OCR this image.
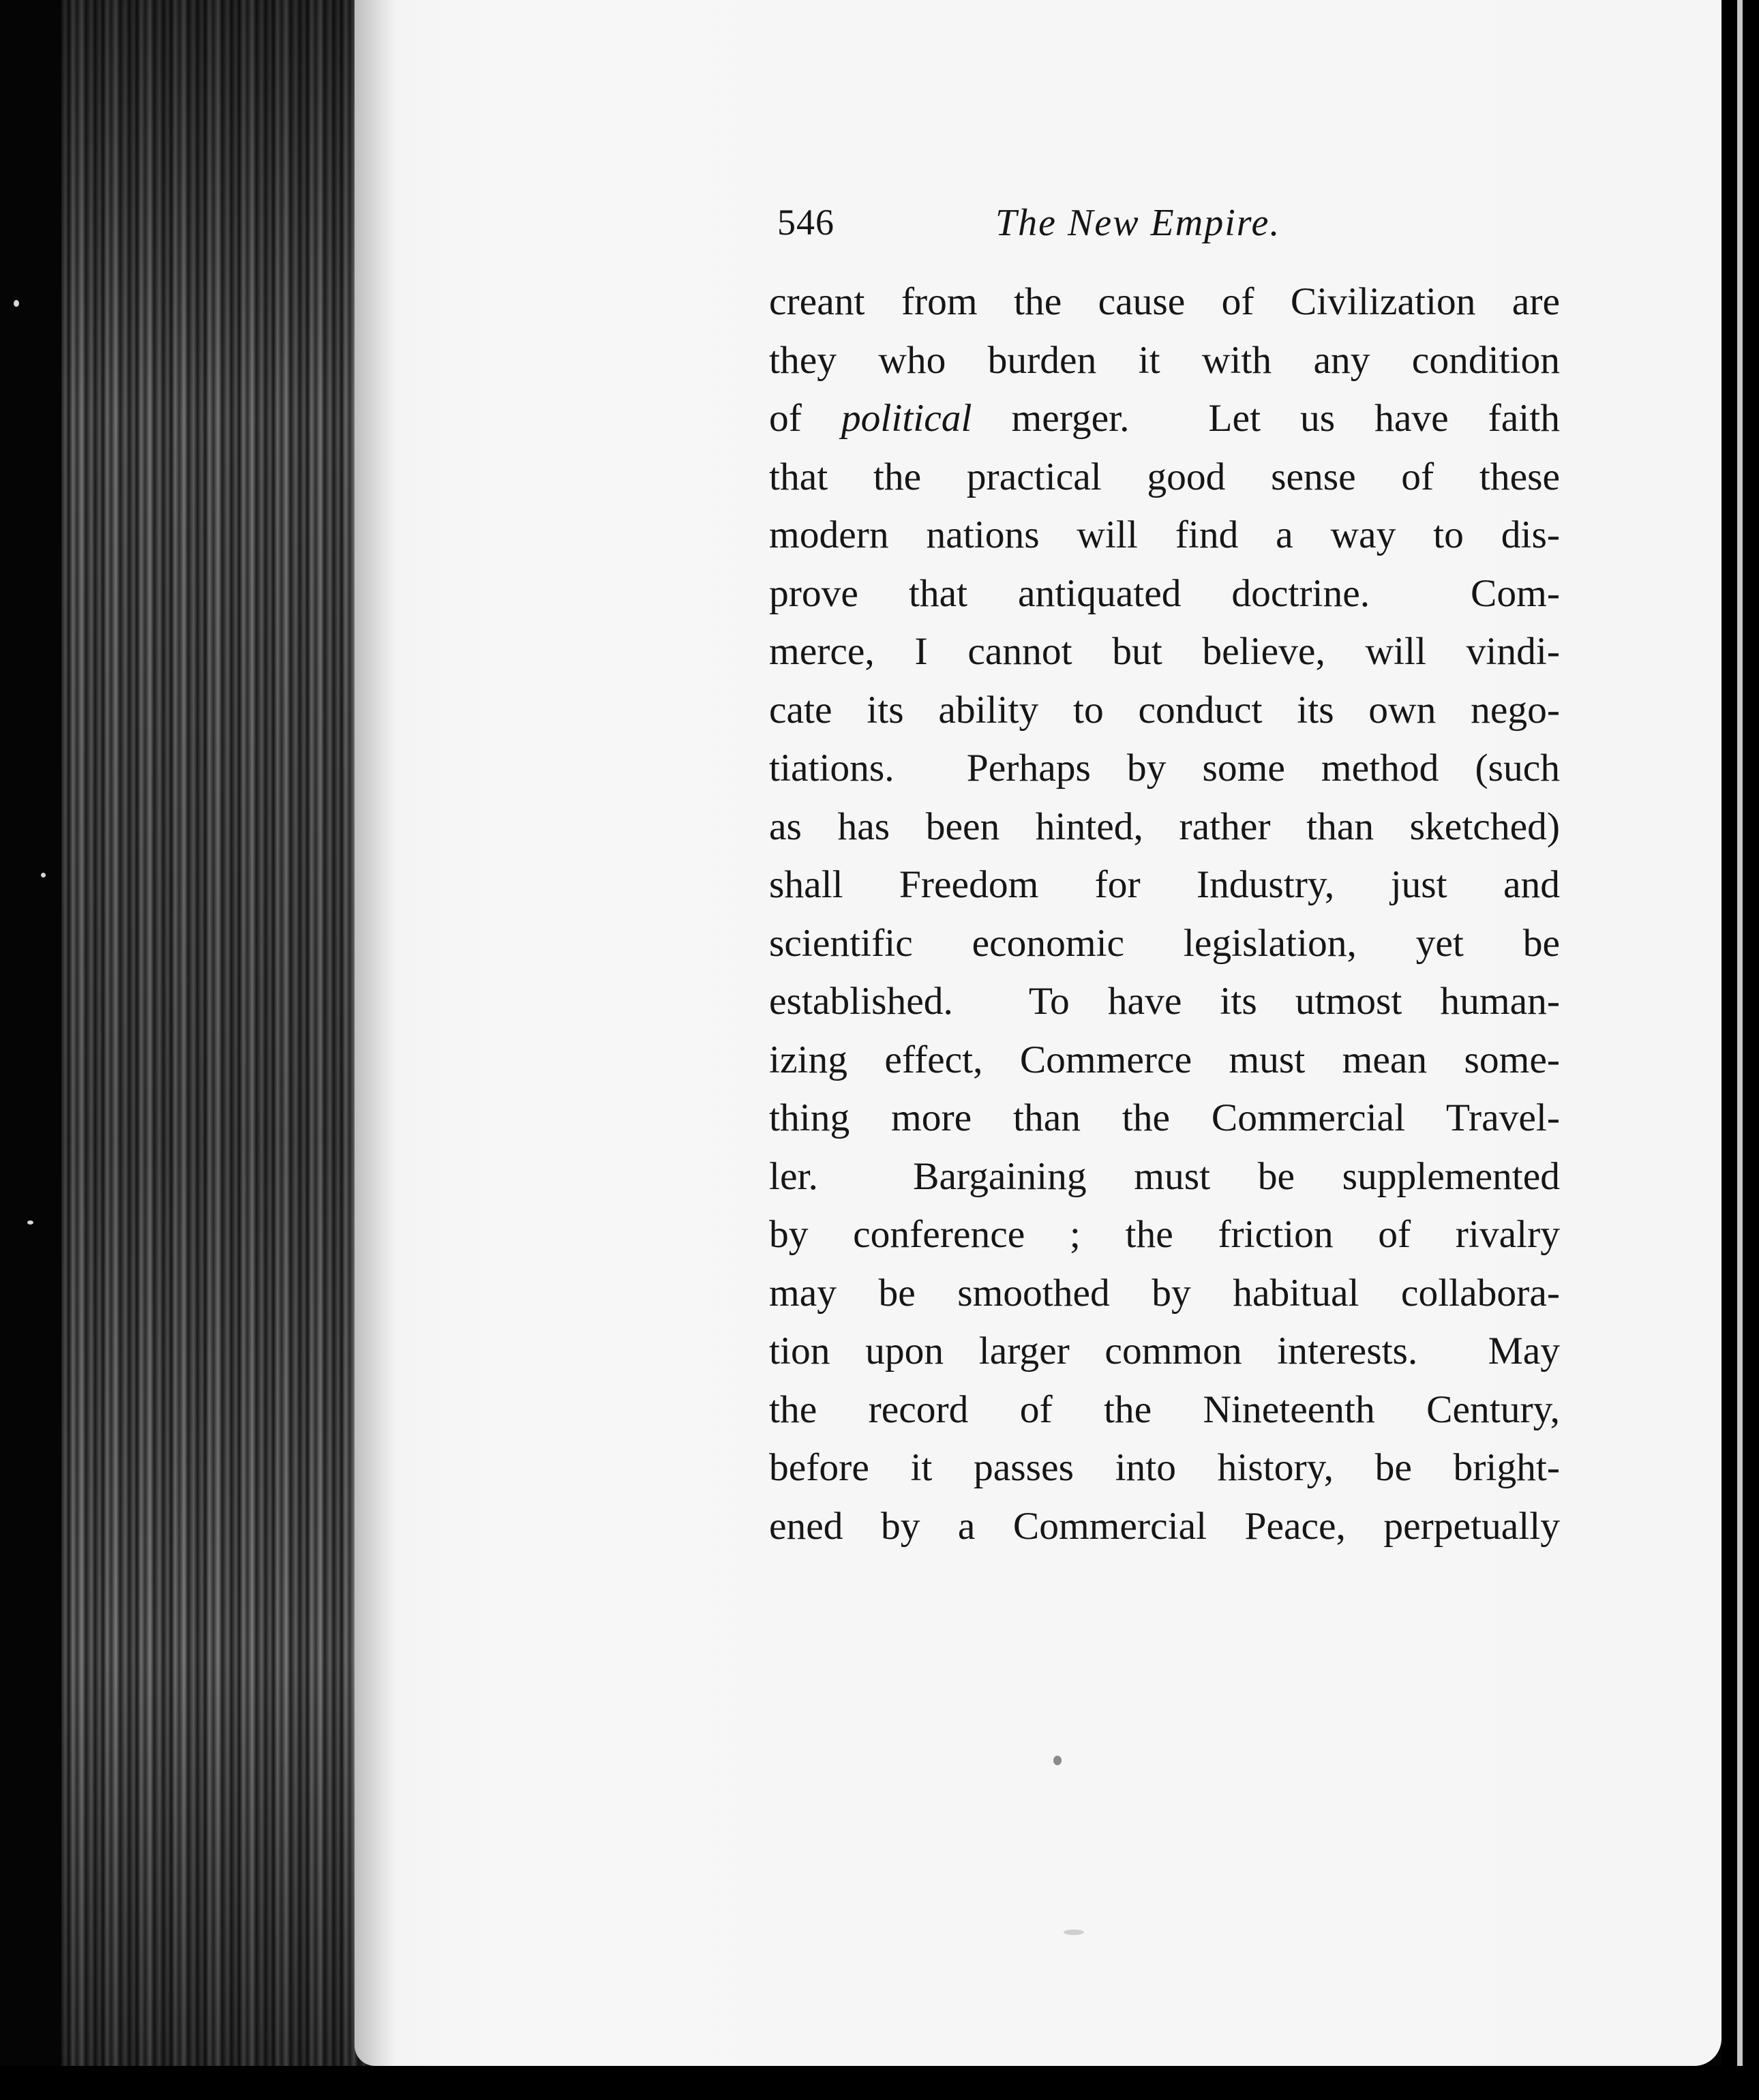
546	The New Empire.
creant from the cause of Civilization are
they who burden it with any condition
of political merger.  Let us have faith
that the practical good sense of these
modern nations will find a way to dis-
prove that antiquated doctrine.  Com-
merce, I cannot but believe, will vindi-
cate its ability to conduct its own nego-
tiations.  Perhaps by some method (such
as has been hinted, rather than sketched)
shall Freedom for Industry, just and
scientific economic legislation, yet be
established.  To have its utmost human-
izing effect, Commerce must mean some-
thing more than the Commercial Travel-
ler.  Bargaining must be supplemented
by conference ; the friction of rivalry
may be smoothed by habitual collabora-
tion upon larger common interests.  May
the record of the Nineteenth Century,
before it passes into history, be bright-
ened by a Commercial Peace, perpetually
